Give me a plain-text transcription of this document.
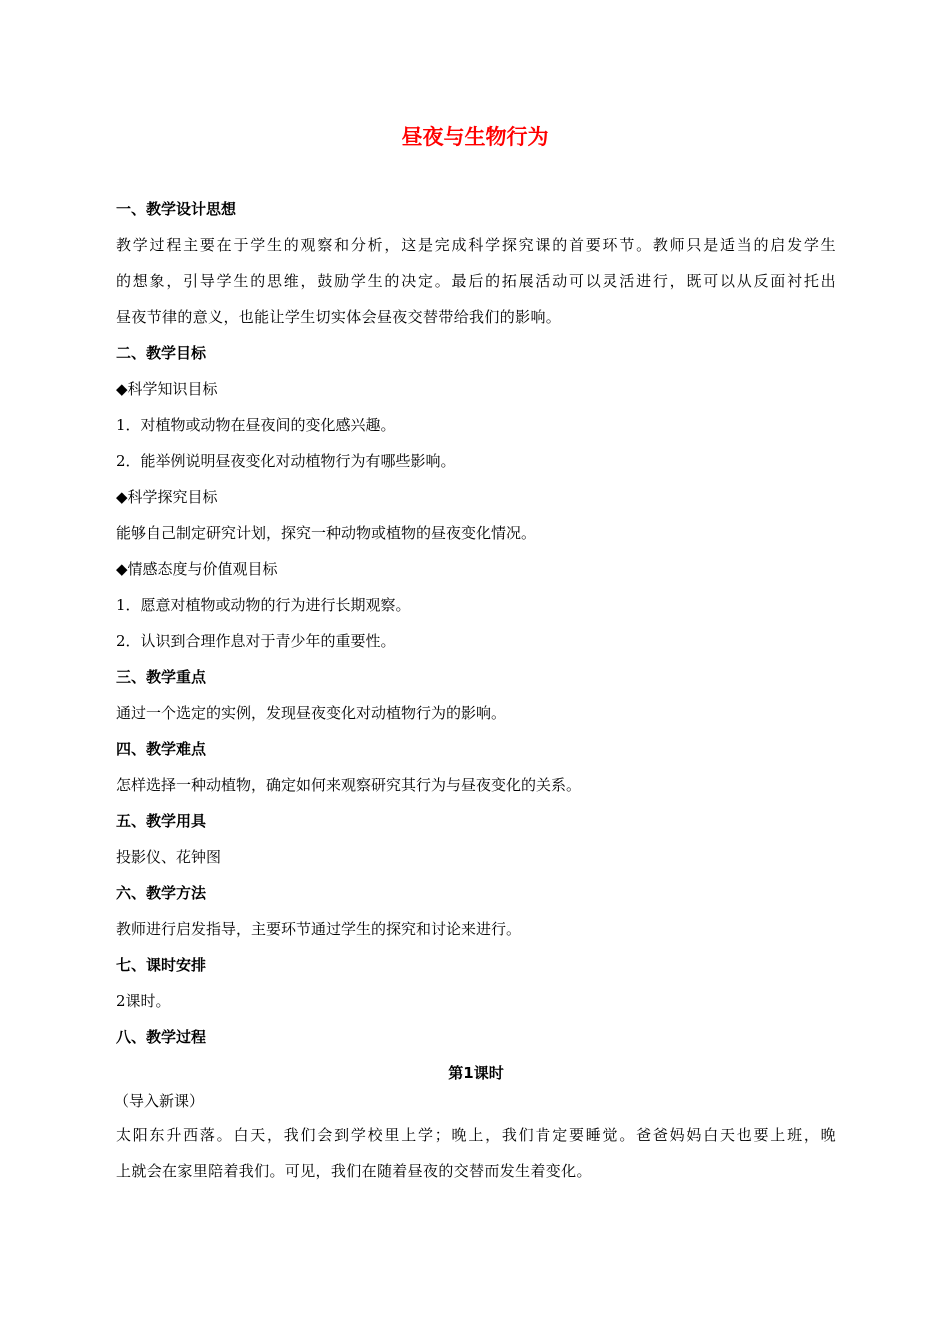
昼夜与生物行为
一、教学设计思想
教学过程主要在于学生的观察和分析，这是完成科学探究课的首要环节。教师只是适当的启发学生
的想象，引导学生的思维，鼓励学生的决定。最后的拓展活动可以灵活进行，既可以从反面衬托出
昼夜节律的意义，也能让学生切实体会昼夜交替带给我们的影响。
二、教学目标
◆科学知识目标
1．对植物或动物在昼夜间的变化感兴趣。
2．能举例说明昼夜变化对动植物行为有哪些影响。
◆科学探究目标
能够自己制定研究计划，探究一种动物或植物的昼夜变化情况。
◆情感态度与价值观目标
1．愿意对植物或动物的行为进行长期观察。
2．认识到合理作息对于青少年的重要性。
三、教学重点
通过一个选定的实例，发现昼夜变化对动植物行为的影响。
四、教学难点
怎样选择一种动植物，确定如何来观察研究其行为与昼夜变化的关系。
五、教学用具
投影仪、花钟图
六、教学方法
教师进行启发指导，主要环节通过学生的探究和讨论来进行。
七、课时安排
2课时。
八、教学过程
第1课时
（导入新课）
太阳东升西落。白天，我们会到学校里上学；晚上，我们肯定要睡觉。爸爸妈妈白天也要上班，晚
上就会在家里陪着我们。可见，我们在随着昼夜的交替而发生着变化。
